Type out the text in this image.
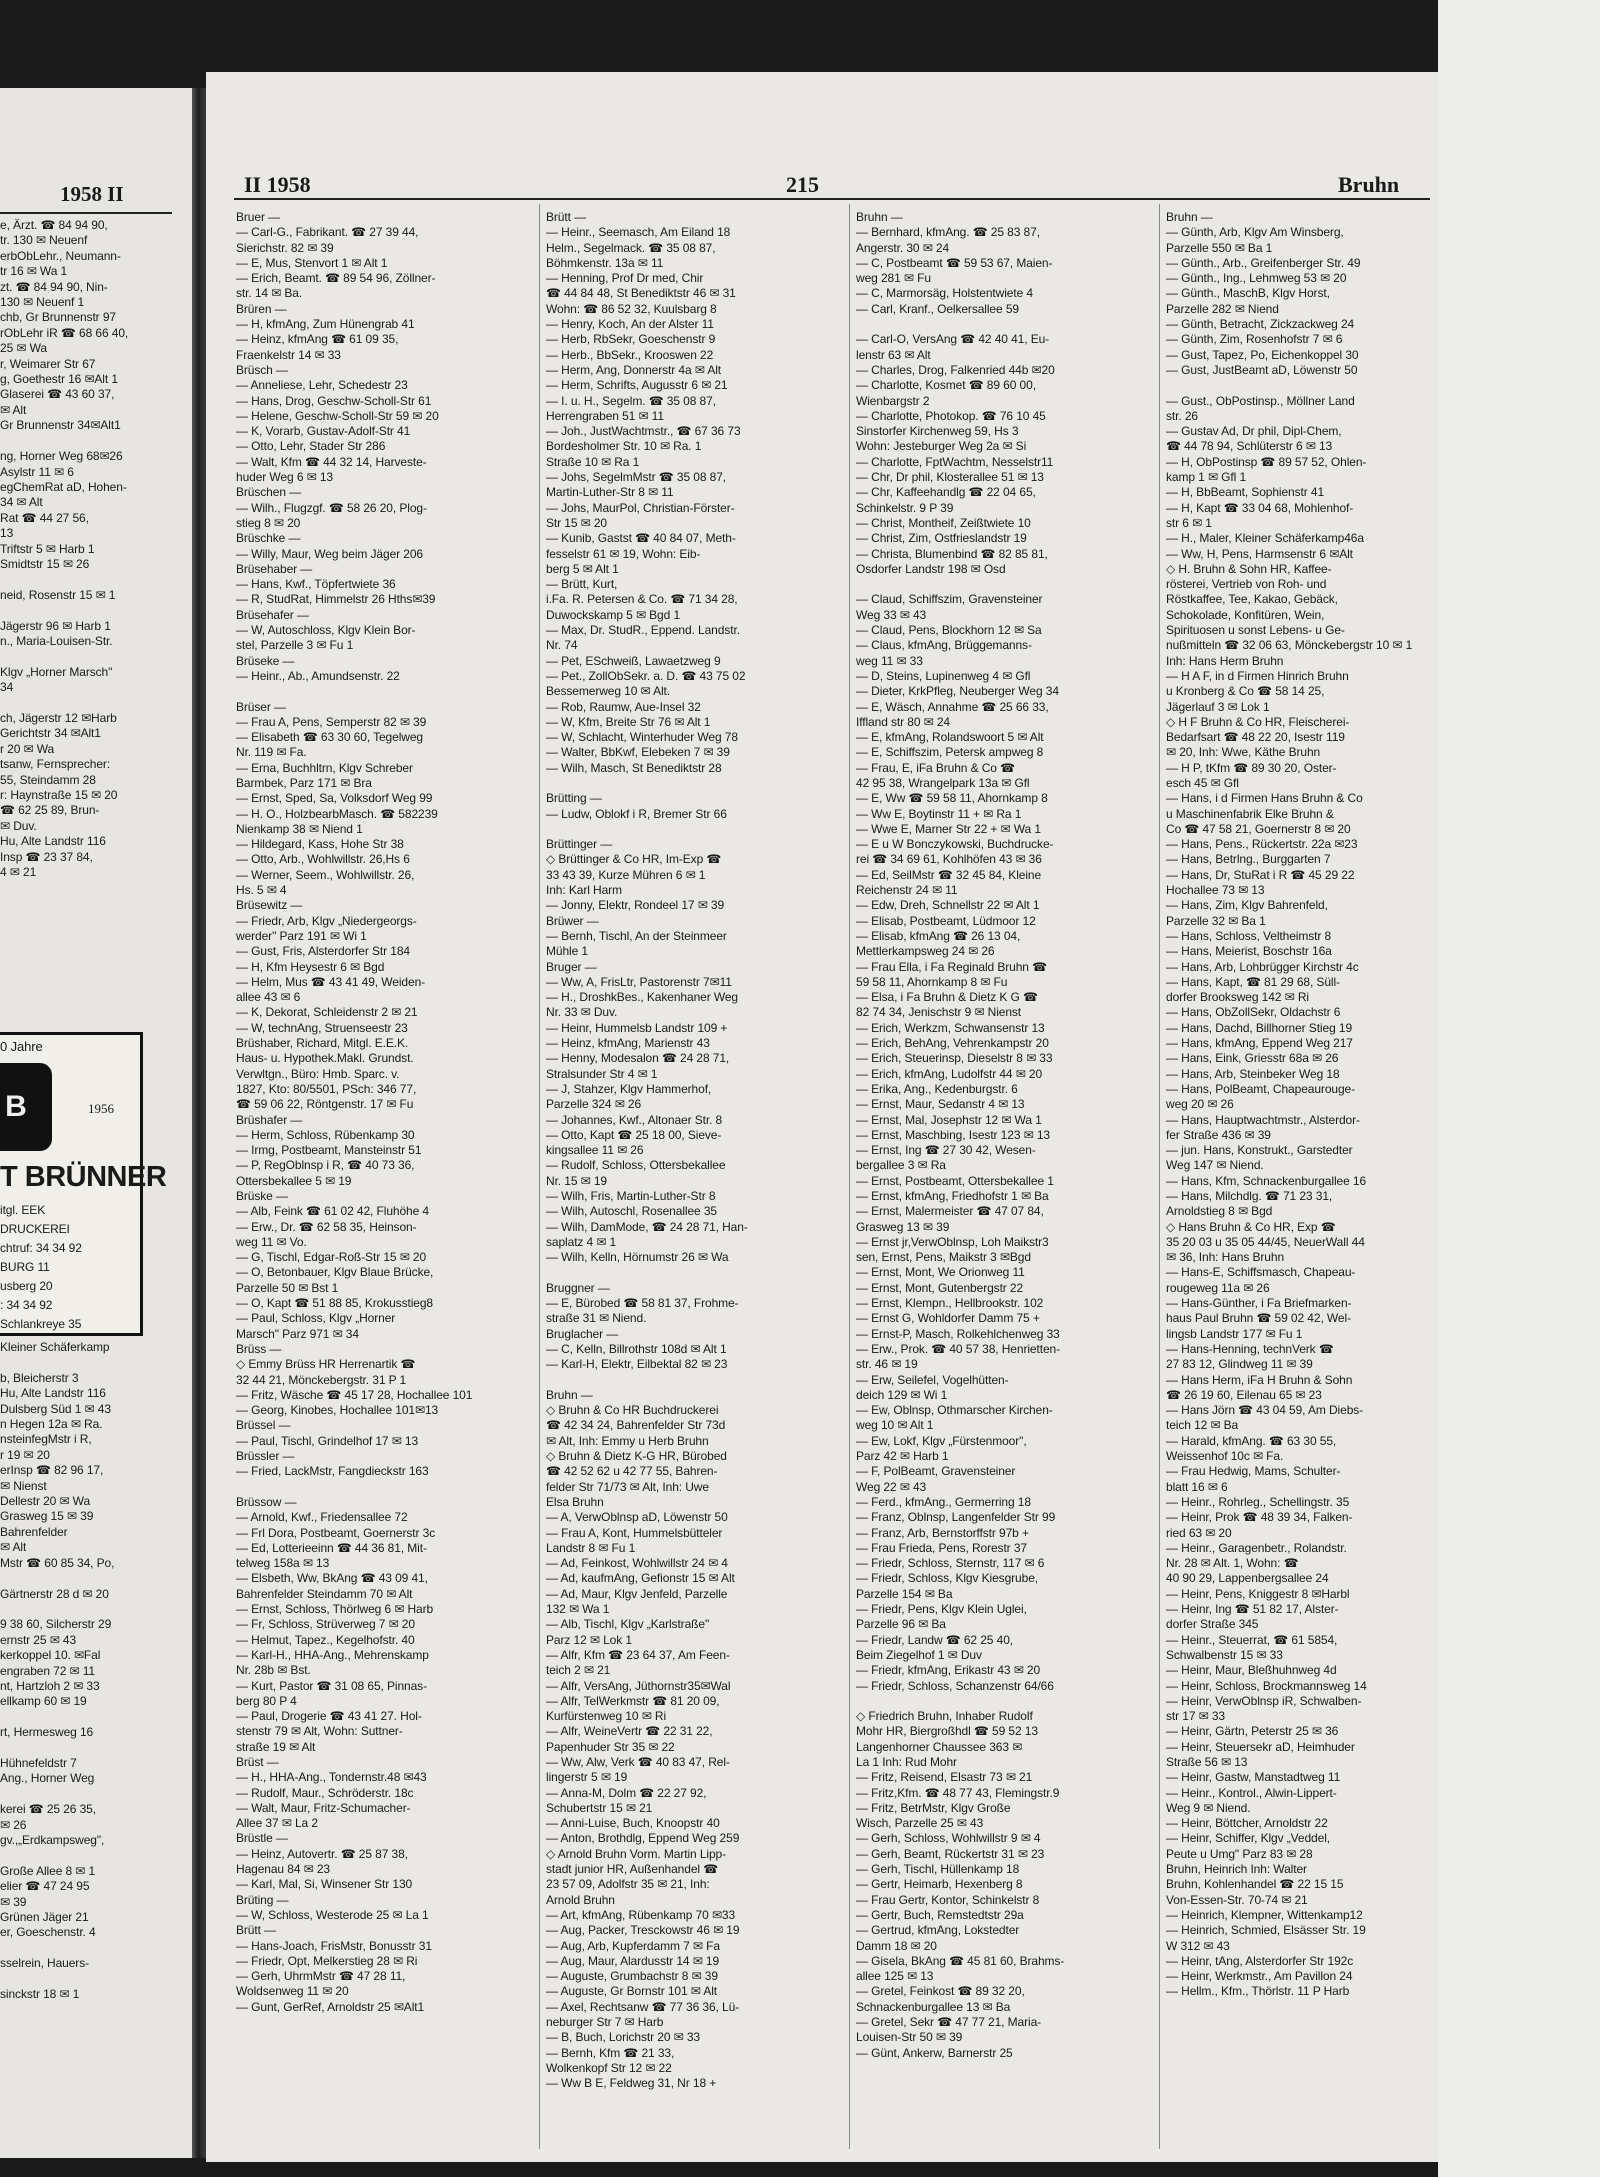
1958 II
e, Ärzt. ☎ 84 94 90,
tr. 130 ✉ Neuenf
erbObLehr., Neumann-
tr 16 ✉ Wa 1
zt. ☎ 84 94 90, Nin-
130 ✉ Neuenf 1
chb, Gr Brunnenstr 97
rObLehr iR ☎ 68 66 40,
25 ✉ Wa
r, Weimarer Str 67
g, Goethestr 16 ✉Alt 1
Glaserei ☎ 43 60 37,
✉ Alt
Gr Brunnenstr 34✉Alt1

ng, Horner Weg 68✉26
Asylstr 11 ✉ 6
egChemRat aD, Hohen-
34 ✉ Alt
Rat ☎ 44 27 56,
13
Triftstr 5 ✉ Harb 1
Smidtstr 15 ✉ 26

neid, Rosenstr 15 ✉ 1

Jägerstr 96 ✉ Harb 1
n., Maria-Louisen-Str.

Klgv „Horner Marsch"
34

ch, Jägerstr 12 ✉Harb
Gerichtstr 34 ✉Alt1
r 20 ✉ Wa
tsanw, Fernsprecher:
55, Steindamm 28
r: Haynstraße 15 ✉ 20
☎ 62 25 89, Brun-
✉ Duv.
Hu, Alte Landstr 116
Insp ☎ 23 37 84,
4 ✉ 21
0 Jahre
B	1956
T BRÜNNER
itgl. EEK
DRUCKEREI
chtruf: 34 34 92
BURG 11
usberg 20
: 34 34 92
Schlankreye 35
Kleiner Schäferkamp

b, Bleicherstr 3
Hu, Alte Landstr 116
Dulsberg Süd 1 ✉ 43
n Hegen 12a ✉ Ra.
nsteinfegMstr i R,
r 19 ✉ 20
erInsp ☎ 82 96 17,
✉ Nienst
Dellestr 20 ✉ Wa
Grasweg 15 ✉ 39
Bahrenfelder
✉ Alt
Mstr ☎ 60 85 34, Po,

Gärtnerstr 28 d ✉ 20

9 38 60, Silcherstr 29
ernstr 25 ✉ 43
kerkoppel 10. ✉Fal
engraben 72 ✉ 11
nt, Hartzloh 2 ✉ 33
ellkamp 60 ✉ 19

rt, Hermesweg 16

Hühnefeldstr 7
Ang., Horner Weg

kerei ☎ 25 26 35,
✉ 26
gv.,„Erdkampsweg",

Große Allee 8 ✉ 1
elier ☎ 47 24 95
✉ 39
Grünen Jäger 21
er, Goeschenstr. 4

sselrein, Hauers-

sinckstr 18 ✉ 1
II 1958	215	Bruhn
Bruer —
— Carl-G., Fabrikant. ☎ 27 39 44,
Sierichstr. 82 ✉ 39
— E, Mus, Stenvort 1 ✉ Alt 1
— Erich, Beamt. ☎ 89 54 96, Zöllner-
str. 14 ✉ Ba.
Brüren —
— H, kfmAng, Zum Hünengrab 41
— Heinz, kfmAng ☎ 61 09 35,
Fraenkelstr 14 ✉ 33
Brüsch —
— Anneliese, Lehr, Schedestr 23
— Hans, Drog, Geschw-Scholl-Str 61
— Helene, Geschw-Scholl-Str 59 ✉ 20
— K, Vorarb, Gustav-Adolf-Str 41
— Otto, Lehr, Stader Str 286
— Walt, Kfm ☎ 44 32 14, Harveste-
huder Weg 6 ✉ 13
Brüschen —
— Wilh., Flugzgf. ☎ 58 26 20, Plog-
stieg 8 ✉ 20
Brüschke —
— Willy, Maur, Weg beim Jäger 206
Brüsehaber —
— Hans, Kwf., Töpfertwiete 36
— R, StudRat, Himmelstr 26 Hths✉39
Brüsehafer —
— W, Autoschloss, Klgv Klein Bor-
stel, Parzelle 3 ✉ Fu 1
Brüseke —
— Heinr., Ab., Amundsenstr. 22

Brüser —
— Frau A, Pens, Semperstr 82 ✉ 39
— Elisabeth ☎ 63 30 60, Tegelweg
Nr. 119 ✉ Fa.
— Erna, Buchhltrn, Klgv Schreber
Barmbek, Parz 171 ✉ Bra
— Ernst, Sped, Sa, Volksdorf Weg 99
— H. O., HolzbearbMasch. ☎ 582239
Nienkamp 38 ✉ Niend 1
— Hildegard, Kass, Hohe Str 38
— Otto, Arb., Wohlwillstr. 26,Hs 6
— Werner, Seem., Wohlwillstr. 26,
Hs. 5 ✉ 4
Brüsewitz —
— Friedr, Arb, Klgv „Niedergeorgs-
werder" Parz 191 ✉ Wi 1
— Gust, Fris, Alsterdorfer Str 184
— H, Kfm Heysestr 6 ✉ Bgd
— Helm, Mus ☎ 43 41 49, Weiden-
allee 43 ✉ 6
— K, Dekorat, Schleidenstr 2 ✉ 21
— W, technAng, Struenseestr 23
Brüshaber, Richard, Mitgl. E.E.K.
Haus- u. Hypothek.Makl. Grundst.
Verwltgn., Büro: Hmb. Sparc. v.
1827, Kto: 80/5501, PSch: 346 77,
☎ 59 06 22, Röntgenstr. 17 ✉ Fu
Brüshafer —
— Herm, Schloss, Rübenkamp 30
— Irmg, Postbeamt, Mansteinstr 51
— P, RegOblnsp i R, ☎ 40 73 36,
Ottersbekallee 5 ✉ 19
Brüske —
— Alb, Feink ☎ 61 02 42, Fluhöhe 4
— Erw., Dr. ☎ 62 58 35, Heinson-
weg 11 ✉ Vo.
— G, Tischl, Edgar-Roß-Str 15 ✉ 20
— O, Betonbauer, Klgv Blaue Brücke,
Parzelle 50 ✉ Bst 1
— O, Kapt ☎ 51 88 85, Krokusstieg8
— Paul, Schloss, Klgv „Horner
Marsch" Parz 971 ✉ 34
Brüss —
◇ Emmy Brüss HR Herrenartik ☎
32 44 21, Mönckebergstr. 31 P 1
— Fritz, Wäsche ☎ 45 17 28, Hochallee 101
— Georg, Kinobes, Hochallee 101✉13
Brüssel —
— Paul, Tischl, Grindelhof 17 ✉ 13
Brüssler —
— Fried, LackMstr, Fangdieckstr 163

Brüssow —
— Arnold, Kwf., Friedensallee 72
— Frl Dora, Postbeamt, Goernerstr 3c
— Ed, Lotterieeinn ☎ 44 36 81, Mit-
telweg 158a ✉ 13
— Elsbeth, Ww, BkAng ☎ 43 09 41,
Bahrenfelder Steindamm 70 ✉ Alt
— Ernst, Schloss, Thörlweg 6 ✉ Harb
— Fr, Schloss, Strüverweg 7 ✉ 20
— Helmut, Tapez., Kegelhofstr. 40
— Karl-H., HHA-Ang., Mehrenskamp
Nr. 28b ✉ Bst.
— Kurt, Pastor ☎ 31 08 65, Pinnas-
berg 80 P 4
— Paul, Drogerie ☎ 43 41 27. Hol-
stenstr 79 ✉ Alt, Wohn: Suttner-
straße 19 ✉ Alt
Brüst —
— H., HHA-Ang., Tondernstr.48 ✉43
— Rudolf, Maur., Schröderstr. 18c
— Walt, Maur, Fritz-Schumacher-
Allee 37 ✉ La 2
Brüstle —
— Heinz, Autovertr. ☎ 25 87 38,
Hagenau 84 ✉ 23
— Karl, Mal, Si, Winsener Str 130
Brüting —
— W, Schloss, Westerode 25 ✉ La 1
Brütt —
— Hans-Joach, FrisMstr, Bonusstr 31
— Friedr, Opt, Melkerstieg 28 ✉ Ri
— Gerh, UhrmMstr ☎ 47 28 11,
Woldsenweg 11 ✉ 20
— Gunt, GerRef, Arnoldstr 25 ✉Alt1
Brütt —
— Heinr., Seemasch, Am Eiland 18
Helm., Segelmack. ☎ 35 08 87,
Böhmkenstr. 13a ✉ 11
— Henning, Prof Dr med, Chir
☎ 44 84 48, St Benediktstr 46 ✉ 31
Wohn: ☎ 86 52 32, Kuulsbarg 8
— Henry, Koch, An der Alster 11
— Herb, RbSekr, Goeschenstr 9
— Herb., BbSekr., Krooswen 22
— Herm, Ang, Donnerstr 4a ✉ Alt
— Herm, Schrifts, Augusstr 6 ✉ 21
— I. u. H., Segelm. ☎ 35 08 87,
Herrengraben 51 ✉ 11
— Joh., JustWachtmstr., ☎ 67 36 73
Bordesholmer Str. 10 ✉ Ra. 1
Straße 10 ✉ Ra 1
— Johs, SegelmMstr ☎ 35 08 87,
Martin-Luther-Str 8 ✉ 11
— Johs, MaurPol, Christian-Förster-
Str 15 ✉ 20
— Kunib, Gastst ☎ 40 84 07, Meth-
fesselstr 61 ✉ 19, Wohn: Eib-
berg 5 ✉ Alt 1
— Brütt, Kurt,
i.Fa. R. Petersen & Co. ☎ 71 34 28,
Duwockskamp 5 ✉ Bgd 1
— Max, Dr. StudR., Eppend. Landstr.
Nr. 74
— Pet, ESchweiß, Lawaetzweg 9
— Pet., ZollObSekr. a. D. ☎ 43 75 02
Bessemerweg 10 ✉ Alt.
— Rob, Raumw, Aue-Insel 32
— W, Kfm, Breite Str 76 ✉ Alt 1
— W, Schlacht, Winterhuder Weg 78
— Walter, BbKwf, Elebeken 7 ✉ 39
— Wilh, Masch, St Benediktstr 28

Brütting —
— Ludw, Oblokf i R, Bremer Str 66

Brüttinger —
◇ Brüttinger & Co HR, Im-Exp ☎
33 43 39, Kurze Mühren 6 ✉ 1
Inh: Karl Harm
— Jonny, Elektr, Rondeel 17 ✉ 39
Brüwer —
— Bernh, Tischl, An der Steinmeer
Mühle 1
Bruger —
— Ww, A, FrisLtr, Pastorenstr 7✉11
— H., DroshkBes., Kakenhaner Weg
Nr. 33 ✉ Duv.
— Heinr, Hummelsb Landstr 109 +
— Heinz, kfmAng, Marienstr 43
— Henny, Modesalon ☎ 24 28 71,
Stralsunder Str 4 ✉ 1
— J, Stahzer, Klgv Hammerhof,
Parzelle 324 ✉ 26
— Johannes, Kwf., Altonaer Str. 8
— Otto, Kapt ☎ 25 18 00, Sieve-
kingsallee 11 ✉ 26
— Rudolf, Schloss, Ottersbekallee
Nr. 15 ✉ 19
— Wilh, Fris, Martin-Luther-Str 8
— Wilh, Autoschl, Rosenallee 35
— Wilh, DamMode, ☎ 24 28 71, Han-
saplatz 4 ✉ 1
— Wilh, Kelln, Hörnumstr 26 ✉ Wa

Bruggner —
— E, Bürobed ☎ 58 81 37, Frohme-
straße 31 ✉ Niend.
Bruglacher —
— C, Kelln, Billrothstr 108d ✉ Alt 1
— Karl-H, Elektr, Eilbektal 82 ✉ 23

Bruhn —
◇ Bruhn & Co HR Buchdruckerei
☎ 42 34 24, Bahrenfelder Str 73d
✉ Alt, Inh: Emmy u Herb Bruhn
◇ Bruhn & Dietz K-G HR, Bürobed
☎ 42 52 62 u 42 77 55, Bahren-
felder Str 71/73 ✉ Alt, Inh: Uwe
Elsa Bruhn
— A, VerwOblnsp aD, Löwenstr 50
— Frau A, Kont, Hummelsbütteler
Landstr 8 ✉ Fu 1
— Ad, Feinkost, Wohlwillstr 24 ✉ 4
— Ad, kaufmAng, Gefionstr 15 ✉ Alt
— Ad, Maur, Klgv Jenfeld, Parzelle
132 ✉ Wa 1
— Alb, Tischl, Klgv „Karlstraße"
Parz 12 ✉ Lok 1
— Alfr, Kfm ☎ 23 64 37, Am Feen-
teich 2 ✉ 21
— Alfr, VersAng, Jüthornstr35✉Wal
— Alfr, TelWerkmstr ☎ 81 20 09,
Kurfürstenweg 10 ✉ Ri
— Alfr, WeineVertr ☎ 22 31 22,
Papenhuder Str 35 ✉ 22
— Ww, Alw, Verk ☎ 40 83 47, Rel-
lingerstr 5 ✉ 19
— Anna-M, Dolm ☎ 22 27 92,
Schubertstr 15 ✉ 21
— Anni-Luise, Buch, Knoopstr 40
— Anton, Brothdlg, Eppend Weg 259
◇ Arnold Bruhn Vorm. Martin Lipp-
stadt junior HR, Außenhandel ☎
23 57 09, Adolfstr 35 ✉ 21, Inh:
Arnold Bruhn
— Art, kfmAng, Rübenkamp 70 ✉33
— Aug, Packer, Tresckowstr 46 ✉ 19
— Aug, Arb, Kupferdamm 7 ✉ Fa
— Aug, Maur, Alardusstr 14 ✉ 19
— Auguste, Grumbachstr 8 ✉ 39
— Auguste, Gr Bornstr 101 ✉ Alt
— Axel, Rechtsanw ☎ 77 36 36, Lü-
neburger Str 7 ✉ Harb
— B, Buch, Lorichstr 20 ✉ 33
— Bernh, Kfm ☎ 21 33,
Wolkenkopf Str 12 ✉ 22
— Ww B E, Feldweg 31, Nr 18 +
Bruhn —
— Bernhard, kfmAng. ☎ 25 83 87,
Angerstr. 30 ✉ 24
— C, Postbeamt ☎ 59 53 67, Maien-
weg 281 ✉ Fu
— C, Marmorsäg, Holstentwiete 4
— Carl, Kranf., Oelkersallee 59

— Carl-O, VersAng ☎ 42 40 41, Eu-
lenstr 63 ✉ Alt
— Charles, Drog, Falkenried 44b ✉20
— Charlotte, Kosmet ☎ 89 60 00,
Wienbargstr 2
— Charlotte, Photokop. ☎ 76 10 45
Sinstorfer Kirchenweg 59, Hs 3
Wohn: Jesteburger Weg 2a ✉ Si
— Charlotte, FptWachtm, Nesselstr11
— Chr, Dr phil, Klosterallee 51 ✉ 13
— Chr, Kaffeehandlg ☎ 22 04 65,
Schinkelstr. 9 P 39
— Christ, Montheif, Zeißtwiete 10
— Christ, Zim, Ostfrieslandstr 19
— Christa, Blumenbind ☎ 82 85 81,
Osdorfer Landstr 198 ✉ Osd

— Claud, Schiffszim, Gravensteiner
Weg 33 ✉ 43
— Claud, Pens, Blockhorn 12 ✉ Sa
— Claus, kfmAng, Brüggemanns-
weg 11 ✉ 33
— D, Steins, Lupinenweg 4 ✉ Gfl
— Dieter, KrkPfleg, Neuberger Weg 34
— E, Wäsch, Annahme ☎ 25 66 33,
Iffland str 80 ✉ 24
— E, kfmAng, Rolandswoort 5 ✉ Alt
— E, Schiffszim, Petersk ampweg 8
— Frau, E, iFa Bruhn & Co ☎
42 95 38, Wrangelpark 13a ✉ Gfl
— E, Ww ☎ 59 58 11, Ahornkamp 8
— Ww E, Boytinstr 11 + ✉ Ra 1
— Wwe E, Marner Str 22 + ✉ Wa 1
— E u W Bonczykowski, Buchdrucke-
rei ☎ 34 69 61, Kohlhöfen 43 ✉ 36
— Ed, SeilMstr ☎ 32 45 84, Kleine
Reichenstr 24 ✉ 11
— Edw, Dreh, Schnellstr 22 ✉ Alt 1
— Elisab, Postbeamt, Lüdmoor 12
— Elisab, kfmAng ☎ 26 13 04,
Mettlerkampsweg 24 ✉ 26
— Frau Ella, i Fa Reginald Bruhn ☎
59 58 11, Ahornkamp 8 ✉ Fu
— Elsa, i Fa Bruhn & Dietz K G ☎
82 74 34, Jenischstr 9 ✉ Nienst
— Erich, Werkzm, Schwansenstr 13
— Erich, BehAng, Vehrenkampstr 20
— Erich, Steuerinsp, Dieselstr 8 ✉ 33
— Erich, kfmAng, Ludolfstr 44 ✉ 20
— Erika, Ang., Kedenburgstr. 6
— Ernst, Maur, Sedanstr 4 ✉ 13
— Ernst, Mal, Josephstr 12 ✉ Wa 1
— Ernst, Maschbing, Isestr 123 ✉ 13
— Ernst, Ing ☎ 27 30 42, Wesen-
bergallee 3 ✉ Ra
— Ernst, Postbeamt, Ottersbekallee 1
— Ernst, kfmAng, Friedhofstr 1 ✉ Ba
— Ernst, Malermeister ☎ 47 07 84,
Grasweg 13 ✉ 39
— Ernst jr,VerwOblnsp, Loh Maikstr3
sen, Ernst, Pens, Maikstr 3 ✉Bgd
— Ernst, Mont, We Orionweg 11
— Ernst, Mont, Gutenbergstr 22
— Ernst, Klempn., Hellbrookstr. 102
— Ernst G, Wohldorfer Damm 75 +
— Ernst-P, Masch, Rolkehlchenweg 33
— Erw., Prok. ☎ 40 57 38, Henrietten-
str. 46 ✉ 19
— Erw, Seilefel, Vogelhütten-
deich 129 ✉ Wi 1
— Ew, Oblnsp, Othmarscher Kirchen-
weg 10 ✉ Alt 1
— Ew, Lokf, Klgv „Fürstenmoor",
Parz 42 ✉ Harb 1
— F, PolBeamt, Gravensteiner
Weg 22 ✉ 43
— Ferd., kfmAng., Germerring 18
— Franz, Oblnsp, Langenfelder Str 99
— Franz, Arb, Bernstorffstr 97b +
— Frau Frieda, Pens, Rorestr 37
— Friedr, Schloss, Sternstr, 117 ✉ 6
— Friedr, Schloss, Klgv Kiesgrube,
Parzelle 154 ✉ Ba
— Friedr, Pens, Klgv Klein Uglei,
Parzelle 96 ✉ Ba
— Friedr, Landw ☎ 62 25 40,
Beim Ziegelhof 1 ✉ Duv
— Friedr, kfmAng, Erikastr 43 ✉ 20
— Friedr, Schloss, Schanzenstr 64/66

◇ Friedrich Bruhn, Inhaber Rudolf
Mohr HR, Biergroßhdl ☎ 59 52 13
Langenhorner Chaussee 363 ✉
La 1 Inh: Rud Mohr
— Fritz, Reisend, Elsastr 73 ✉ 21
— Fritz,Kfm. ☎ 48 77 43, Flemingstr.9
— Fritz, BetrMstr, Klgv Große
Wisch, Parzelle 25 ✉ 43
— Gerh, Schloss, Wohlwillstr 9 ✉ 4
— Gerh, Beamt, Rückertstr 31 ✉ 23
— Gerh, Tischl, Hüllenkamp 18
— Gertr, Heimarb, Hexenberg 8
— Frau Gertr, Kontor, Schinkelstr 8
— Gertr, Buch, Remstedtstr 29a
— Gertrud, kfmAng, Lokstedter
Damm 18 ✉ 20
— Gisela, BkAng ☎ 45 81 60, Brahms-
allee 125 ✉ 13
— Gretel, Feinkost ☎ 89 32 20,
Schnackenburgallee 13 ✉ Ba
— Gretel, Sekr ☎ 47 77 21, Maria-
Louisen-Str 50 ✉ 39
— Günt, Ankerw, Barnerstr 25
Bruhn —
— Günth, Arb, Klgv Am Winsberg,
Parzelle 550 ✉ Ba 1
— Günth., Arb., Greifenberger Str. 49
— Günth., Ing., Lehmweg 53 ✉ 20
— Günth., MaschB, Klgv Horst,
Parzelle 282 ✉ Niend
— Günth, Betracht, Zickzackweg 24
— Günth, Zim, Rosenhofstr 7 ✉ 6
— Gust, Tapez, Po, Eichenkoppel 30
— Gust, JustBeamt aD, Löwenstr 50

— Gust., ObPostinsp., Möllner Land
str. 26
— Gustav Ad, Dr phil, Dipl-Chem,
☎ 44 78 94, Schlüterstr 6 ✉ 13
— H, ObPostinsp ☎ 89 57 52, Ohlen-
kamp 1 ✉ Gfl 1
— H, BbBeamt, Sophienstr 41
— H, Kapt ☎ 33 04 68, Mohlenhof-
str 6 ✉ 1
— H., Maler, Kleiner Schäferkamp46a
— Ww, H, Pens, Harmsenstr 6 ✉Alt
◇ H. Bruhn & Sohn HR, Kaffee-
rösterei, Vertrieb von Roh- und
Röstkaffee, Tee, Kakao, Gebäck,
Schokolade, Konfitüren, Wein,
Spirituosen u sonst Lebens- u Ge-
nußmitteln ☎ 32 06 63, Mönckebergstr 10 ✉ 1
Inh: Hans Herm Bruhn
— H A F, in d Firmen Hinrich Bruhn
u Kronberg & Co ☎ 58 14 25,
Jägerlauf 3 ✉ Lok 1
◇ H F Bruhn & Co HR, Fleischerei-
Bedarfsart ☎ 48 22 20, Isestr 119
✉ 20, Inh: Wwe, Käthe Bruhn
— H P, tKfm ☎ 89 30 20, Oster-
esch 45 ✉ Gfl
— Hans, i d Firmen Hans Bruhn & Co
u Maschinenfabrik Elke Bruhn &
Co ☎ 47 58 21, Goernerstr 8 ✉ 20
— Hans, Pens., Rückertstr. 22a ✉23
— Hans, Betrlng., Burggarten 7
— Hans, Dr, StuRat i R ☎ 45 29 22
Hochallee 73 ✉ 13
— Hans, Zim, Klgv Bahrenfeld,
Parzelle 32 ✉ Ba 1
— Hans, Schloss, Veltheimstr 8
— Hans, Meierist, Boschstr 16a
— Hans, Arb, Lohbrügger Kirchstr 4c
— Hans, Kapt, ☎ 81 29 68, Süll-
dorfer Brooksweg 142 ✉ Ri
— Hans, ObZollSekr, Oldachstr 6
— Hans, Dachd, Billhorner Stieg 19
— Hans, kfmAng, Eppend Weg 217
— Hans, Eink, Griesstr 68a ✉ 26
— Hans, Arb, Steinbeker Weg 18
— Hans, PolBeamt, Chapeaurouge-
weg 20 ✉ 26
— Hans, Hauptwachtmstr., Alsterdor-
fer Straße 436 ✉ 39
— jun. Hans, Konstrukt., Garstedter
Weg 147 ✉ Niend.
— Hans, Kfm, Schnackenburgallee 16
— Hans, Milchdlg. ☎ 71 23 31,
Arnoldstieg 8 ✉ Bgd
◇ Hans Bruhn & Co HR, Exp ☎
35 20 03 u 35 05 44/45, NeuerWall 44
✉ 36, Inh: Hans Bruhn
— Hans-E, Schiffsmasch, Chapeau-
rougeweg 11a ✉ 26
— Hans-Günther, i Fa Briefmarken-
haus Paul Bruhn ☎ 59 02 42, Wel-
lingsb Landstr 177 ✉ Fu 1
— Hans-Henning, technVerk ☎
27 83 12, Glindweg 11 ✉ 39
— Hans Herm, iFa H Bruhn & Sohn
☎ 26 19 60, Eilenau 65 ✉ 23
— Hans Jörn ☎ 43 04 59, Am Diebs-
teich 12 ✉ Ba
— Harald, kfmAng. ☎ 63 30 55,
Weissenhof 10c ✉ Fa.
— Frau Hedwig, Mams, Schulter-
blatt 16 ✉ 6
— Heinr., Rohrleg., Schellingstr. 35
— Heinr, Prok ☎ 48 39 34, Falken-
ried 63 ✉ 20
— Heinr., Garagenbetr., Rolandstr.
Nr. 28 ✉ Alt. 1, Wohn: ☎
40 90 29, Lappenbergsallee 24
— Heinr, Pens, Kniggestr 8 ✉Harbl
— Heinr, Ing ☎ 51 82 17, Alster-
dorfer Straße 345
— Heinr., Steuerrat, ☎ 61 5854,
Schwalbenstr 15 ✉ 33
— Heinr, Maur, Bleßhuhnweg 4d
— Heinr, Schloss, Brockmannsweg 14
— Heinr, VerwOblnsp iR, Schwalben-
str 17 ✉ 33
— Heinr, Gärtn, Peterstr 25 ✉ 36
— Heinr, Steuersekr aD, Heimhuder
Straße 56 ✉ 13
— Heinr, Gastw, Manstadtweg 11
— Heinr., Kontrol., Alwin-Lippert-
Weg 9 ✉ Niend.
— Heinr, Böttcher, Arnoldstr 22
— Heinr, Schiffer, Klgv „Veddel,
Peute u Umg" Parz 83 ✉ 28
Bruhn, Heinrich Inh: Walter
Bruhn, Kohlenhandel ☎ 22 15 15
Von-Essen-Str. 70-74 ✉ 21
— Heinrich, Klempner, Wittenkamp12
— Heinrich, Schmied, Elsässer Str. 19
W 312 ✉ 43
— Heinr, tAng, Alsterdorfer Str 192c
— Heinr, Werkmstr., Am Pavillon 24
— Hellm., Kfm., Thörlstr. 11 P Harb
